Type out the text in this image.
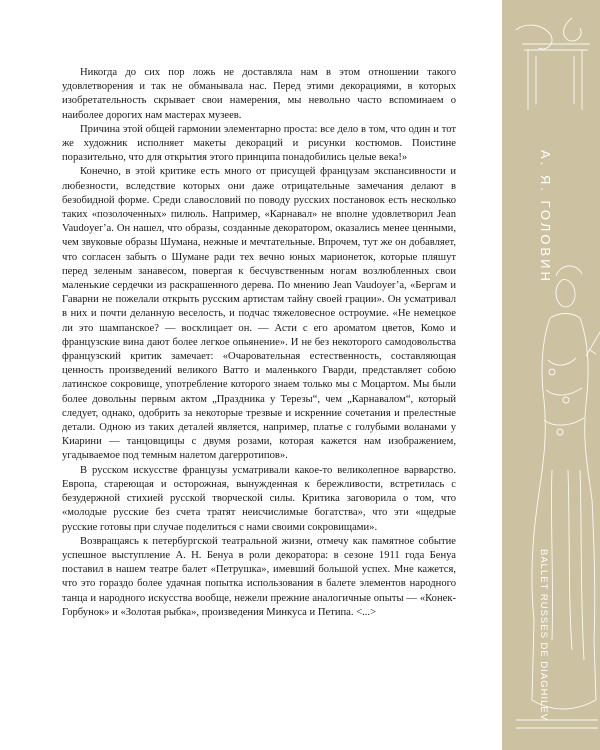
Никогда до сих пор ложь не доставляла нам в этом отношении такого удовлетворения и так не обманывала нас. Перед этими декорациями, в которых изобретательность скрывает свои намерения, мы невольно часто вспоминаем о наиболее дорогих нам мастерах музеев.

Причина этой общей гармонии элементарно проста: все дело в том, что один и тот же художник исполняет макеты декораций и рисунки костюмов. Поистине поразительно, что для открытия этого принципа понадобились целые века!»

Конечно, в этой критике есть много от присущей французам экспансивности и любезности, вследствие которых они даже отрицательные замечания делают в безобидной форме. Среди славословий по поводу русских постановок есть несколько таких «позолоченных» пилюль. Например, «Карнавал» не вполне удовлетворил Jean Vaudoyer’а. Он нашел, что образы, созданные декоратором, оказались менее ценными, чем звуковые образы Шумана, нежные и мечтательные. Впрочем, тут же он добавляет, что согласен забыть о Шумане ради тех вечно юных марионеток, которые пляшут перед зеленым занавесом, повергая к бесчувственным ногам возлюбленных свои маленькие сердечки из раскрашенного дерева. По мнению Jean Vaudoyer’а, «Бергам и Гаварни не пожелали открыть русским артистам тайну своей грации». Он усматривал в них и почти деланную веселость, и подчас тяжеловесное остроумие. «Не немецкое ли это шампанское? — восклицает он. — Асти с его ароматом цветов, Комо и французские вина дают более легкое опьянение». И не без некоторого самодовольства французский критик замечает: «Очаровательная естественность, составляющая ценность произведений великого Ватто и маленького Гварди, представляет собою латинское сокровище, употребление которого знаем только мы с Моцартом. Мы были более довольны первым актом „Праздника у Терезы“, чем „Карнавалом“, который следует, однако, одобрить за некоторые трезвые и искренние сочетания и прелестные детали. Одною из таких деталей является, например, платье с голубыми воланами у Киарини — танцовщицы с двумя розами, которая кажется нам изображением, угадываемое под темным налетом дагерротипов».

В русском искусстве французы усматривали какое-то великолепное варварство. Европа, стареющая и осторожная, вынужденная к бережливости, встретилась с безудержной стихией русской творческой силы. Критика заговорила о том, что «молодые русские без счета тратят неисчислимые богатства», что эти «щедрые русские готовы при случае поделиться с нами своими сокровищами».

Возвращаясь к петербургской театральной жизни, отмечу как памятное событие успешное выступление А. Н. Бенуа в роли декоратора: в сезоне 1911 года Бенуа поставил в нашем театре балет «Петрушка», имевший большой успех. Мне кажется, что это гораздо более удачная попытка использования в балете элементов народного танца и народного искусства вообще, нежели прежние аналогичные опыты — «Конек-Горбунок» и «Золотая рыбка», произведения Минкуса и Петипа. <...>

А. Я. ГОЛОВИН
BALLET RUSSES DE DIAGHILEV
